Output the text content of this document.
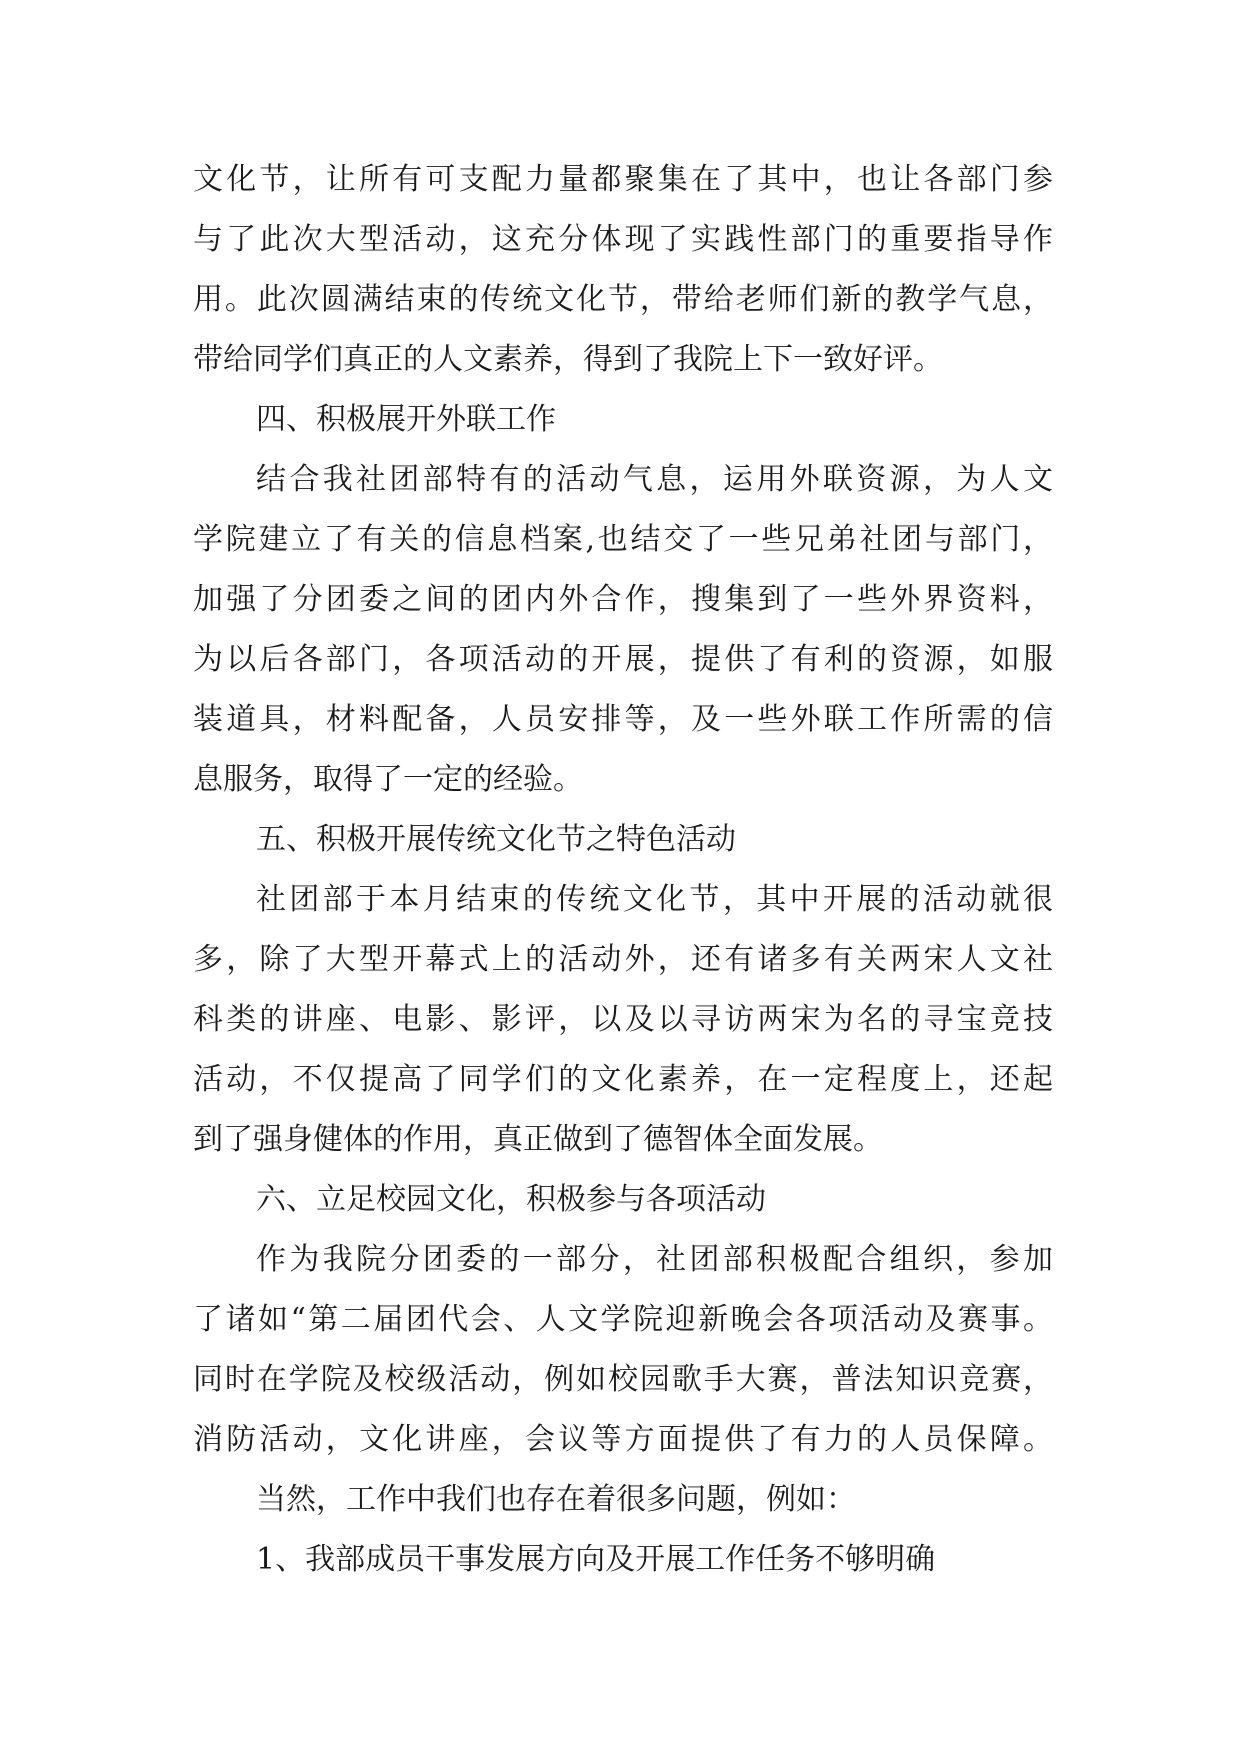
文化节，让所有可支配力量都聚集在了其中，也让各部门参
与了此次大型活动，这充分体现了实践性部门的重要指导作
用。此次圆满结束的传统文化节，带给老师们新的教学气息，
带给同学们真正的人文素养，得到了我院上下一致好评。
四、积极展开外联工作
结合我社团部特有的活动气息，运用外联资源，为人文
学院建立了有关的信息档案,也结交了一些兄弟社团与部门，
加强了分团委之间的团内外合作，搜集到了一些外界资料，
为以后各部门，各项活动的开展，提供了有利的资源，如服
装道具，材料配备，人员安排等，及一些外联工作所需的信
息服务，取得了一定的经验。
五、积极开展传统文化节之特色活动
社团部于本月结束的传统文化节，其中开展的活动就很
多，除了大型开幕式上的活动外，还有诸多有关两宋人文社
科类的讲座、电影、影评，以及以寻访两宋为名的寻宝竞技
活动，不仅提高了同学们的文化素养，在一定程度上，还起
到了强身健体的作用，真正做到了德智体全面发展。
六、立足校园文化，积极参与各项活动
作为我院分团委的一部分，社团部积极配合组织，参加
了诸如“第二届团代会、人文学院迎新晚会各项活动及赛事。
同时在学院及校级活动，例如校园歌手大赛，普法知识竞赛，
消防活动，文化讲座，会议等方面提供了有力的人员保障。
当然，工作中我们也存在着很多问题，例如：
1、我部成员干事发展方向及开展工作任务不够明确
